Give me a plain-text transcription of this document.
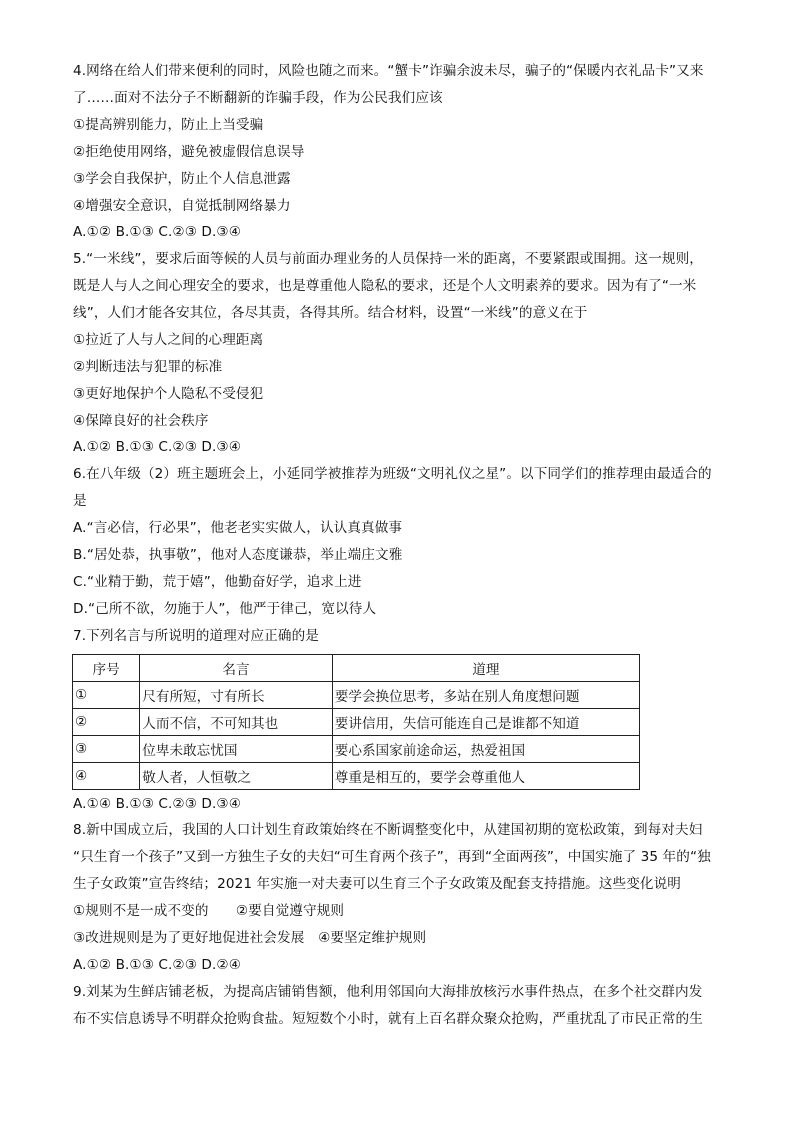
4.网络在给人们带来便利的同时，风险也随之而来。“蟹卡”诈骗余波未尽，骗子的“保暖内衣礼品卡”又来
了……面对不法分子不断翻新的诈骗手段，作为公民我们应该
①提高辨别能力，防止上当受骗
②拒绝使用网络，避免被虚假信息误导
③学会自我保护，防止个人信息泄露
④增强安全意识，自觉抵制网络暴力
A.①② B.①③ C.②③ D.③④
5.“一米线”，要求后面等候的人员与前面办理业务的人员保持一米的距离，不要紧跟或围拥。这一规则，
既是人与人之间心理安全的要求，也是尊重他人隐私的要求，还是个人文明素养的要求。因为有了“一米
线”，人们才能各安其位，各尽其责，各得其所。结合材料，设置“一米线”的意义在于
①拉近了人与人之间的心理距离
②判断违法与犯罪的标准
③更好地保护个人隐私不受侵犯
④保障良好的社会秩序
A.①② B.①③ C.②③ D.③④
6.在八年级（2）班主题班会上，小延同学被推荐为班级“文明礼仪之星”。以下同学们的推荐理由最适合的
是
A.“言必信，行必果”，他老老实实做人，认认真真做事
B.“居处恭，执事敬”，他对人态度谦恭，举止端庄文雅
C.“业精于勤，荒于嬉”，他勤奋好学，追求上进
D.“己所不欲，勿施于人”，他严于律己，宽以待人
7.下列名言与所说明的道理对应正确的是
序号	名言	道理
①	尺有所短，寸有所长	要学会换位思考，多站在别人角度想问题
②	人而不信，不可知其也	要讲信用，失信可能连自己是谁都不知道
③	位卑未敢忘忧国	要心系国家前途命运，热爱祖国
④	敬人者，人恒敬之	尊重是相互的，要学会尊重他人
A.①④ B.①③ C.②③ D.③④
8.新中国成立后，我国的人口计划生育政策始终在不断调整变化中，从建国初期的宽松政策，到每对夫妇
“只生育一个孩子”又到一方独生子女的夫妇“可生育两个孩子”，再到“全面两孩”，中国实施了 35 年的“独
生子女政策”宣告终结；2021 年实施一对夫妻可以生育三个子女政策及配套支持措施。这些变化说明
①规则不是一成不变的　　②要自觉遵守规则
③改进规则是为了更好地促进社会发展　④要坚定维护规则
A.①② B.①③ C.②③ D.②④
9.刘某为生鲜店铺老板，为提高店铺销售额，他利用邻国向大海排放核污水事件热点，在多个社交群内发
布不实信息诱导不明群众抢购食盐。短短数个小时，就有上百名群众聚众抢购，严重扰乱了市民正常的生
